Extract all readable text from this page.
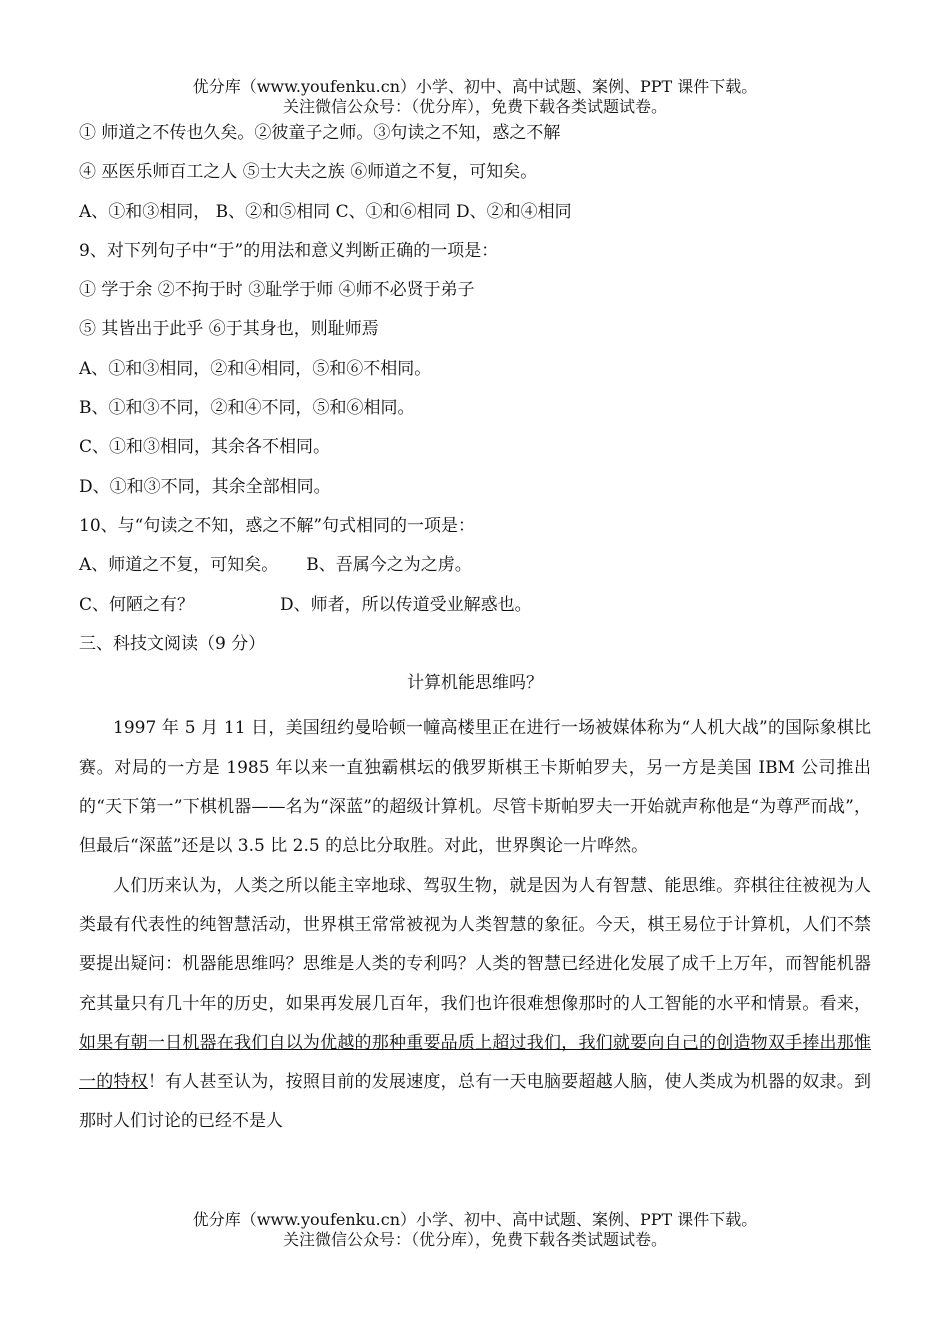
优分库（www.youfenku.cn）小学、初中、高中试题、案例、PPT 课件下载。
关注微信公众号：（优分库），免费下载各类试题试卷。
① 师道之不传也久矣。②彼童子之师。③句读之不知，惑之不解
④ 巫医乐师百工之人 ⑤士大夫之族 ⑥师道之不复，可知矣。
A、①和③相同， B、②和⑤相同 C、①和⑥相同 D、②和④相同
9、对下列句子中“于”的用法和意义判断正确的一项是：
① 学于余 ②不拘于时 ③耻学于师 ④师不必贤于弟子
⑤ 其皆出于此乎 ⑥于其身也，则耻师焉
A、①和③相同，②和④相同，⑤和⑥不相同。
B、①和③不同，②和④不同，⑤和⑥相同。
C、①和③相同，其余各不相同。
D、①和③不同，其余全部相同。
10、与“句读之不知，惑之不解”句式相同的一项是：
A、师道之不复，可知矣。 B、吾属今之为之虏。
C、何陋之有？	D、师者，所以传道受业解惑也。
三、科技文阅读（9 分）
计算机能思维吗？

1997 年 5 月 11 日，美国纽约曼哈顿一幢高楼里正在进行一场被媒体称为“人机大战”的国际象棋比赛。对局的一方是 1985 年以来一直独霸棋坛的俄罗斯棋王卡斯帕罗夫，另一方是美国 IBM 公司推出的“天下第一”下棋机器——名为“深蓝”的超级计算机。尽管卡斯帕罗夫一开始就声称他是“为尊严而战”，但最后“深蓝”还是以 3.5 比 2.5 的总比分取胜。对此，世界舆论一片哗然。

人们历来认为，人类之所以能主宰地球、驾驭生物，就是因为人有智慧、能思维。弈棋往往被视为人类最有代表性的纯智慧活动，世界棋王常常被视为人类智慧的象征。今天，棋王易位于计算机，人们不禁要提出疑问：机器能思维吗？思维是人类的专利吗？人类的智慧已经进化发展了成千上万年，而智能机器充其量只有几十年的历史，如果再发展几百年，我们也许很难想像那时的人工智能的水平和情景。看来，如果有朝一日机器在我们自以为优越的那种重要品质上超过我们，我们就要向自己的创造物双手捧出那惟一的特权！有人甚至认为，按照目前的发展速度，总有一天电脑要超越人脑，使人类成为机器的奴隶。到那时人们讨论的已经不是人

优分库（www.youfenku.cn）小学、初中、高中试题、案例、PPT 课件下载。
关注微信公众号：（优分库），免费下载各类试题试卷。
